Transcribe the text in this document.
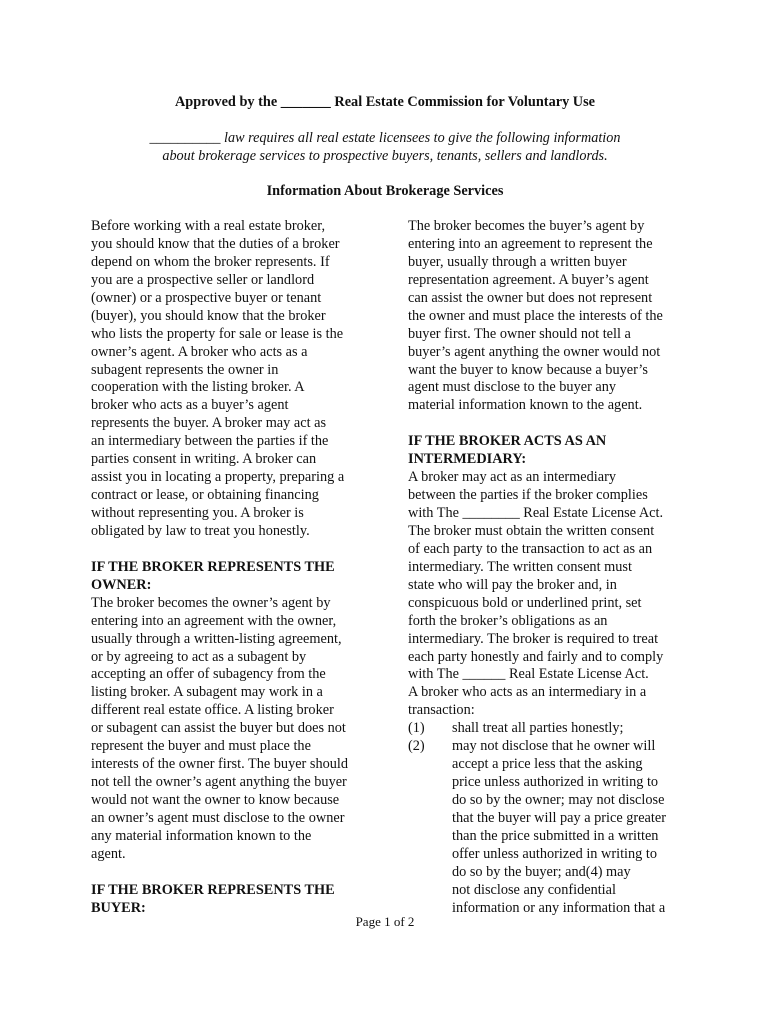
Approved by the _______ Real Estate Commission for Voluntary Use
__________ law requires all real estate licensees to give the following information
about brokerage services to prospective buyers, tenants, sellers and landlords.
Information About Brokerage Services
Before working with a real estate broker,
you should know that the duties of a broker
depend on whom the broker represents. If
you are a prospective seller or landlord
(owner) or a prospective buyer or tenant
(buyer), you should know that the broker
who lists the property for sale or lease is the
owner’s agent. A broker who acts as a
subagent represents the owner in
cooperation with the listing broker. A
broker who acts as a buyer’s agent
represents the buyer. A broker may act as
an intermediary between the parties if the
parties consent in writing. A broker can
assist you in locating a property, preparing a
contract or lease, or obtaining financing
without representing you. A broker is
obligated by law to treat you honestly.
IF THE BROKER REPRESENTS THE
OWNER:
The broker becomes the owner’s agent by
entering into an agreement with the owner,
usually through a written-listing agreement,
or by agreeing to act as a subagent by
accepting an offer of subagency from the
listing broker. A subagent may work in a
different real estate office. A listing broker
or subagent can assist the buyer but does not
represent the buyer and must place the
interests of the owner first. The buyer should
not tell the owner’s agent anything the buyer
would not want the owner to know because
an owner’s agent must disclose to the owner
any material information known to the
agent.
IF THE BROKER REPRESENTS THE
BUYER:
The broker becomes the buyer’s agent by
entering into an agreement to represent the
buyer, usually through a written buyer
representation agreement. A buyer’s agent
can assist the owner but does not represent
the owner and must place the interests of the
buyer first. The owner should not tell a
buyer’s agent anything the owner would not
want the buyer to know because a buyer’s
agent must disclose to the buyer any
material information known to the agent.
IF THE BROKER ACTS AS AN
INTERMEDIARY:
A broker may act as an intermediary
between the parties if the broker complies
with The ________ Real Estate License Act.
The broker must obtain the written consent
of each party to the transaction to act as an
intermediary. The written consent must
state who will pay the broker and, in
conspicuous bold or underlined print, set
forth the broker’s obligations as an
intermediary. The broker is required to treat
each party honestly and fairly and to comply
with The ______ Real Estate License Act.
A broker who acts as an intermediary in a
transaction:
(1)	shall treat all parties honestly;
(2)	may not disclose that he owner will
accept a price less that the asking
price unless authorized in writing to
do so by the owner; may not disclose
that the buyer will pay a price greater
than the price submitted in a written
offer unless authorized in writing to
do so by the buyer; and(4) may
not disclose any confidential
information or any information that a
Page 1 of 2
